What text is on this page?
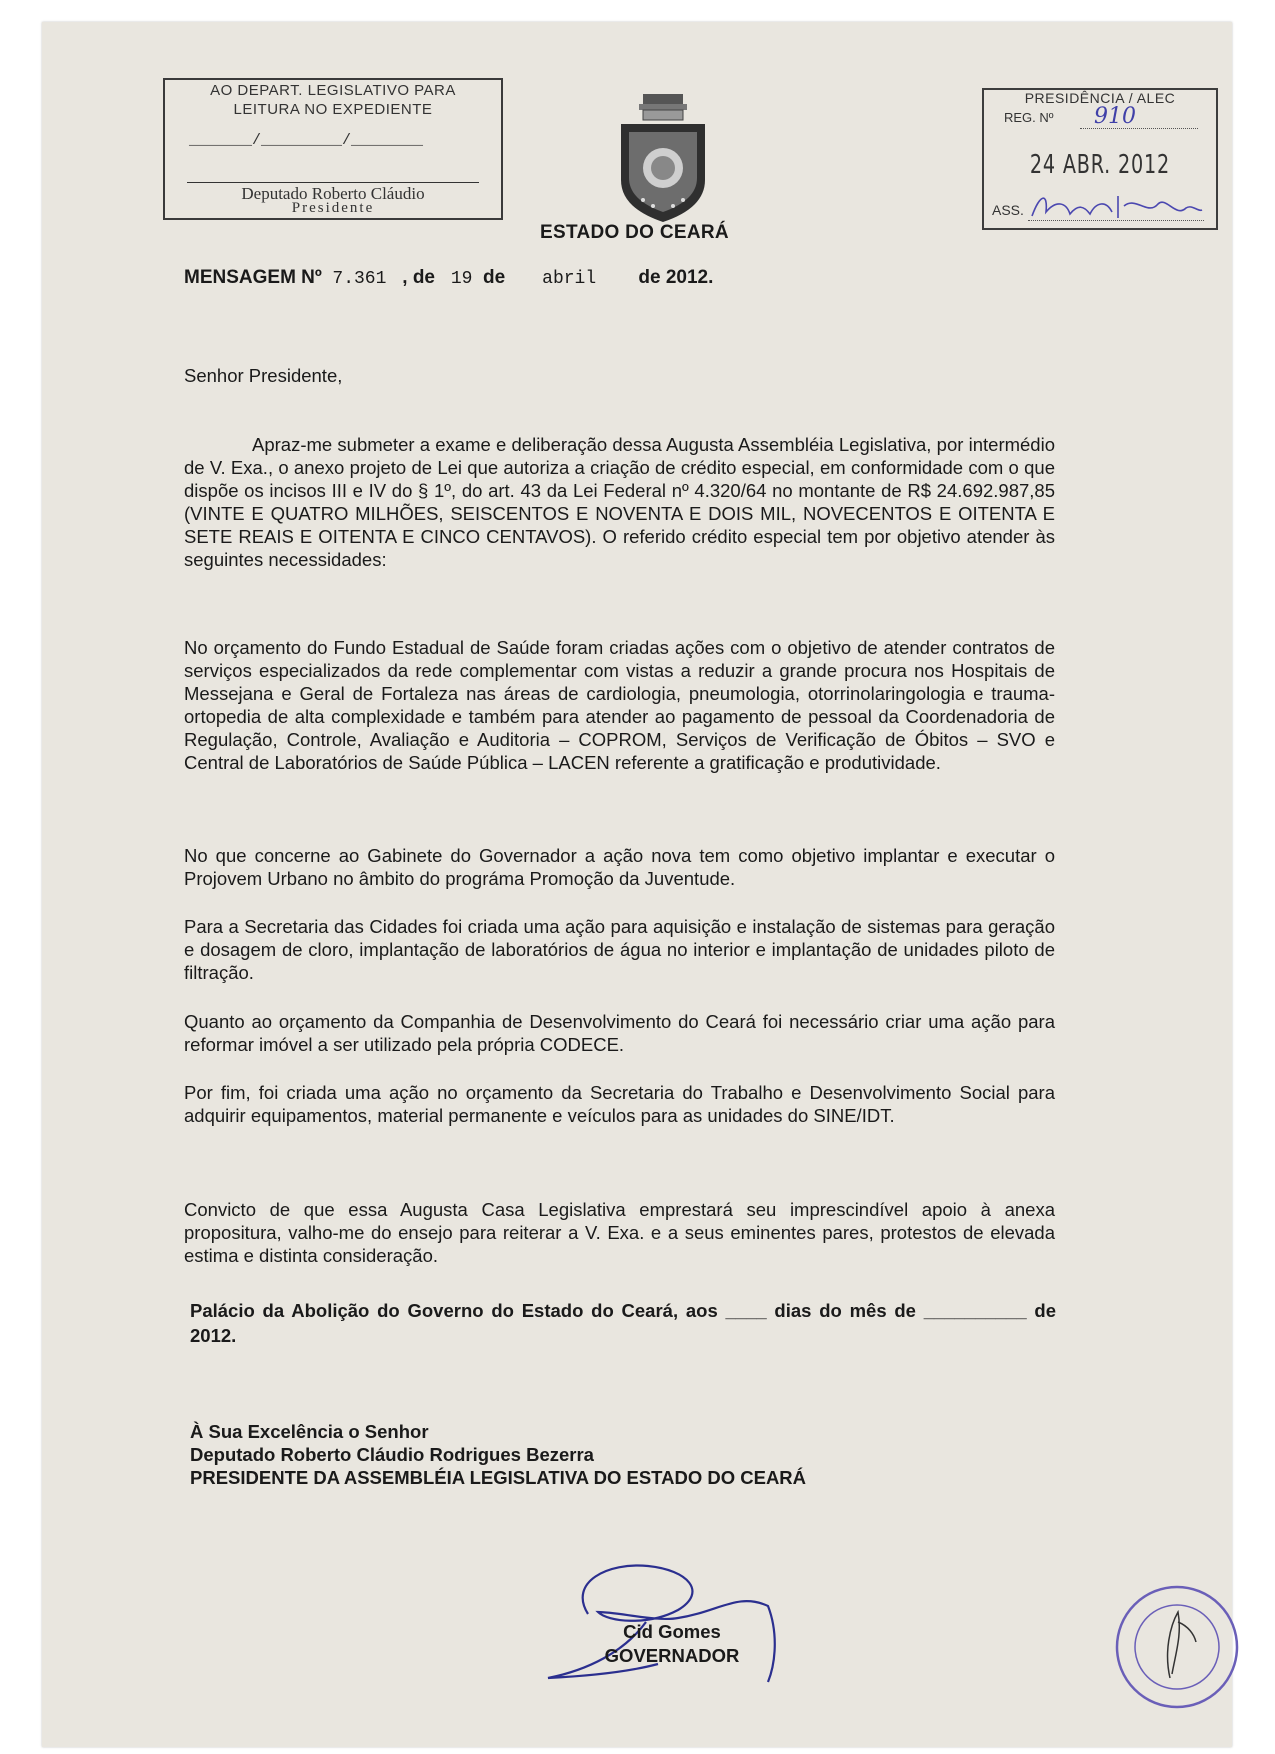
AO DEPART. LEGISLATIVO PARA
LEITURA NO EXPEDIENTE
_______/_________/________
Deputado Roberto Cláudio
Presidente
PRESIDÊNCIA / ALEC
REG. Nº 910
24 ABR. 2012
ASS.
ESTADO DO CEARÁ
MENSAGEM Nº 7.361 , de 19 de abril de 2012.
Senhor Presidente,
Apraz-me submeter a exame e deliberação dessa Augusta Assembléia Legislativa, por intermédio de V. Exa., o anexo projeto de Lei que autoriza a criação de crédito especial, em conformidade com o que dispõe os incisos III e IV do § 1º, do art. 43 da Lei Federal nº 4.320/64 no montante de R$ 24.692.987,85 (VINTE E QUATRO MILHÕES, SEISCENTOS E NOVENTA E DOIS MIL, NOVECENTOS E OITENTA E SETE REAIS E OITENTA E CINCO CENTAVOS). O referido crédito especial tem por objetivo atender às seguintes necessidades:
No orçamento do Fundo Estadual de Saúde foram criadas ações com o objetivo de atender contratos de serviços especializados da rede complementar com vistas a reduzir a grande procura nos Hospitais de Messejana e Geral de Fortaleza nas áreas de cardiologia, pneumologia, otorrinolaringologia e trauma-ortopedia de alta complexidade e também para atender ao pagamento de pessoal da Coordenadoria de Regulação, Controle, Avaliação e Auditoria – COPROM, Serviços de Verificação de Óbitos – SVO e Central de Laboratórios de Saúde Pública – LACEN referente a gratificação e produtividade.
No que concerne ao Gabinete do Governador a ação nova tem como objetivo implantar e executar o Projovem Urbano no âmbito do prográma Promoção da Juventude.
Para a Secretaria das Cidades foi criada uma ação para aquisição e instalação de sistemas para geração e dosagem de cloro, implantação de laboratórios de água no interior e implantação de unidades piloto de filtração.
Quanto ao orçamento da Companhia de Desenvolvimento do Ceará foi necessário criar uma ação para reformar imóvel a ser utilizado pela própria CODECE.
Por fim, foi criada uma ação no orçamento da Secretaria do Trabalho e Desenvolvimento Social para adquirir equipamentos, material permanente e veículos para as unidades do SINE/IDT.
Convicto de que essa Augusta Casa Legislativa emprestará seu imprescindível apoio à anexa propositura, valho-me do ensejo para reiterar a V. Exa. e a seus eminentes pares, protestos de elevada estima e distinta consideração.
Palácio da Abolição do Governo do Estado do Ceará, aos ____ dias do mês de __________ de 2012.
À Sua Excelência o Senhor
Deputado Roberto Cláudio Rodrigues Bezerra
PRESIDENTE DA ASSEMBLÉIA LEGISLATIVA DO ESTADO DO CEARÁ
Cid Gomes
GOVERNADOR
